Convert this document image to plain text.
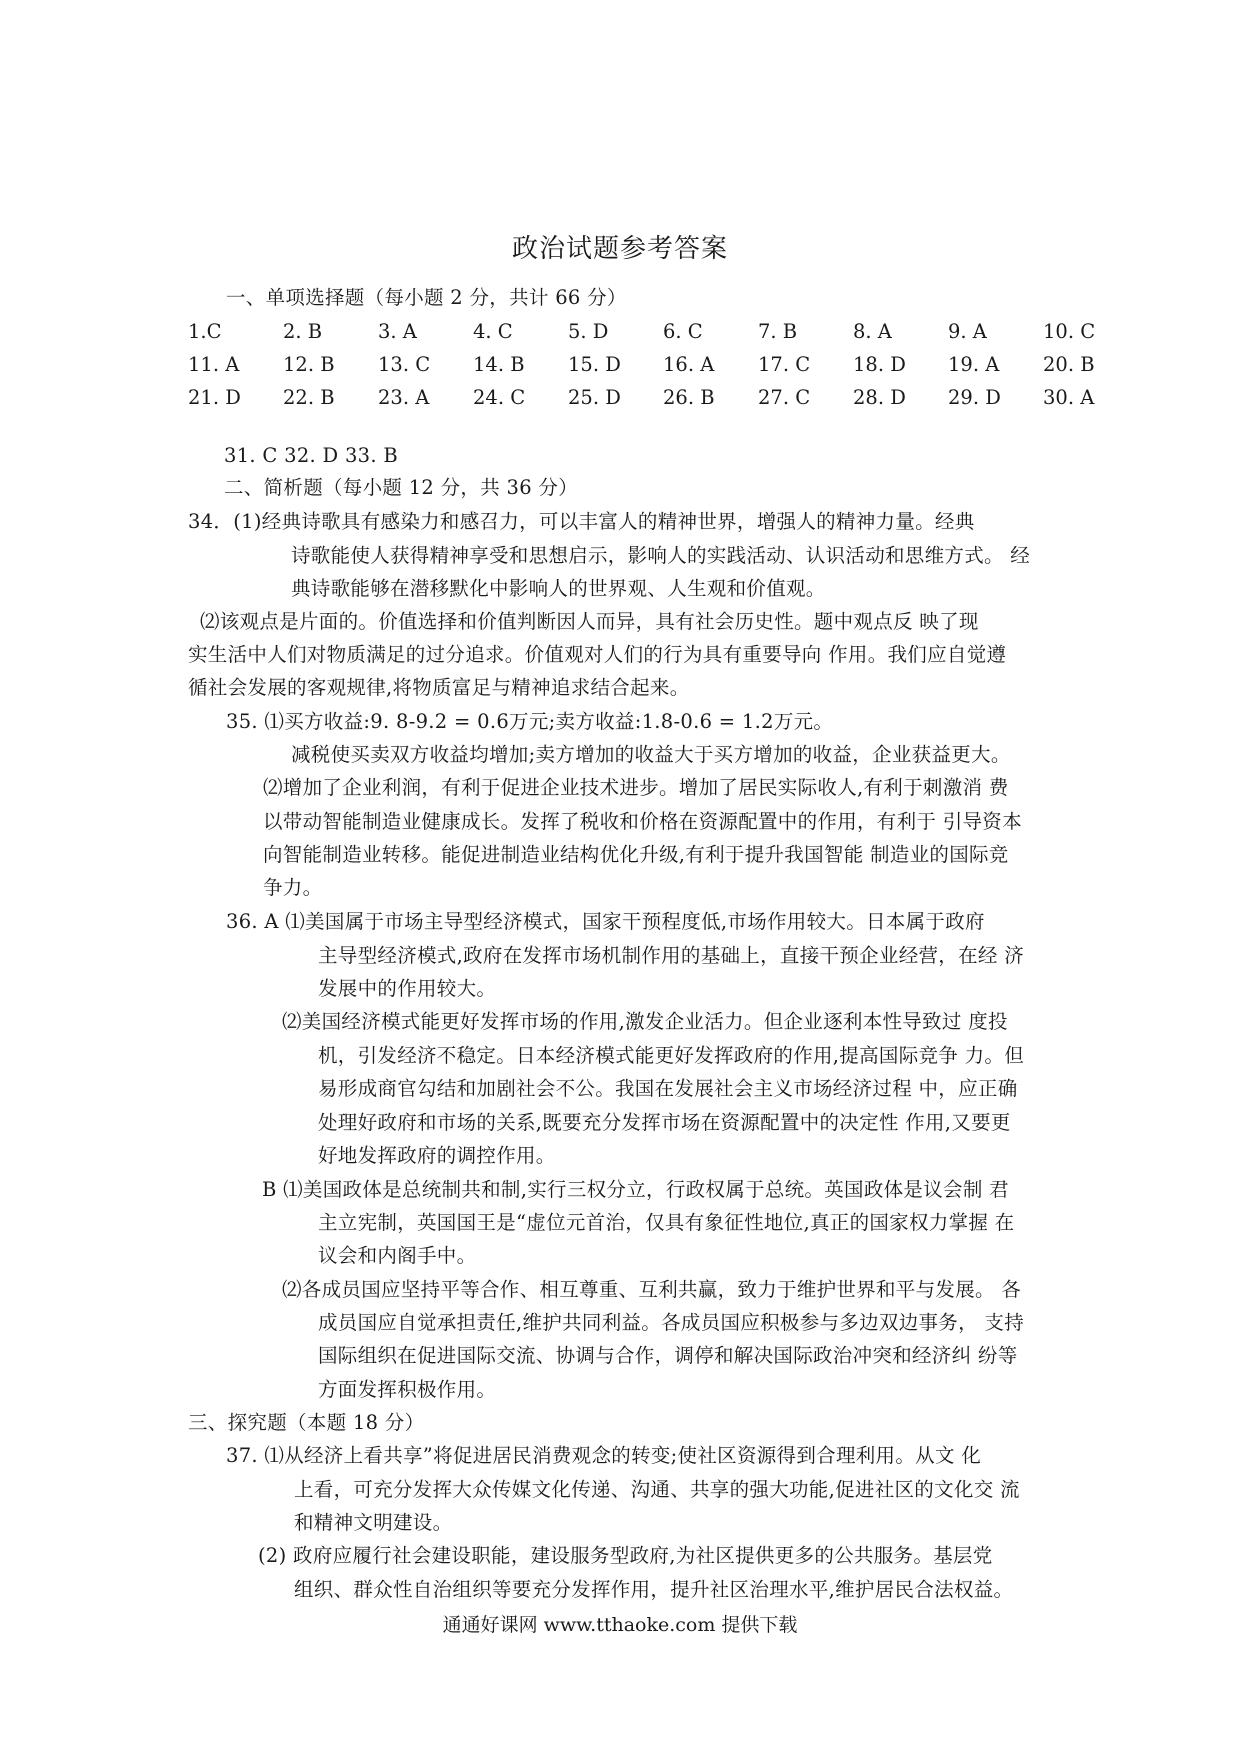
政治试题参考答案
一、单项选择题（每小题 2 分，共计 66 分）
1.C	2. B	3. A	4. C	5. D	6. C	7. B	8. A	9. A	10. C
11. A 12. B 13. C 14. B 15. D 16. A 17. C 18. D 19. A 20. B
21. D 22. B 23. A 24. C 25. D 26. B 27. C 28. D 29. D 30. A
31. C 32. D 33. B
二、简析题（每小题 12 分，共 36 分）
34．(1)经典诗歌具有感染力和感召力，可以丰富人的精神世界，增强人的精神力量。经典
诗歌能使人获得精神享受和思想启示，影响人的实践活动、认识活动和思维方式。 经
典诗歌能够在潜移默化中影响人的世界观、人生观和价值观。
⑵该观点是片面的。价值选择和价值判断因人而异，具有社会历史性。题中观点反 映了现
实生活中人们对物质满足的过分追求。价值观对人们的行为具有重要导向 作用。我们应自觉遵
循社会发展的客观规律,将物质富足与精神追求结合起来。
35. ⑴买方收益:9. 8-9.2 = 0.6万元;卖方收益:1.8-0.6 = 1.2万元。
减税使买卖双方收益均增加;卖方增加的收益大于买方增加的收益，企业获益更大。
⑵增加了企业利润，有利于促进企业技术进步。增加了居民实际收人,有利于刺激消 费
以带动智能制造业健康成长。发挥了税收和价格在资源配置中的作用，有利于 引导资本
向智能制造业转移。能促进制造业结构优化升级,有利于提升我国智能 制造业的国际竞
争力。
36. A ⑴美国属于市场主导型经济模式，国家干预程度低,市场作用较大。日本属于政府
主导型经济模式,政府在发挥市场机制作用的基础上，直接干预企业经营，在经 济
发展中的作用较大。
⑵美国经济模式能更好发挥市场的作用,激发企业活力。但企业逐利本性导致过 度投
机，引发经济不稳定。日本经济模式能更好发挥政府的作用,提高国际竞争 力。但
易形成商官勾结和加剧社会不公。我国在发展社会主义市场经济过程 中，应正确
处理好政府和市场的关系,既要充分发挥市场在资源配置中的决定性 作用,又要更
好地发挥政府的调控作用。
B ⑴美国政体是总统制共和制,实行三权分立，行政权属于总统。英国政体是议会制 君
主立宪制，英国国王是“虚位元首治，仅具有象征性地位,真正的国家权力掌握 在
议会和内阁手中。
⑵各成员国应坚持平等合作、相互尊重、互利共赢，致力于维护世界和平与发展。 各
成员国应自觉承担责任,维护共同利益。各成员国应积极参与多边双边事务， 支持
国际组织在促进国际交流、协调与合作，调停和解决国际政治冲突和经济纠 纷等
方面发挥积极作用。
三、探究题（本题 18 分）
37. ⑴从经济上看共享”将促进居民消费观念的转变;使社区资源得到合理利用。从文 化
上看，可充分发挥大众传媒文化传递、沟通、共享的强大功能,促进社区的文化交 流
和精神文明建设。
(2) 政府应履行社会建设职能，建设服务型政府,为社区提供更多的公共服务。基层党
组织、群众性自治组织等要充分发挥作用，提升社区治理水平,维护居民合法权益。
通通好课网 www.tthaoke.com 提供下载
